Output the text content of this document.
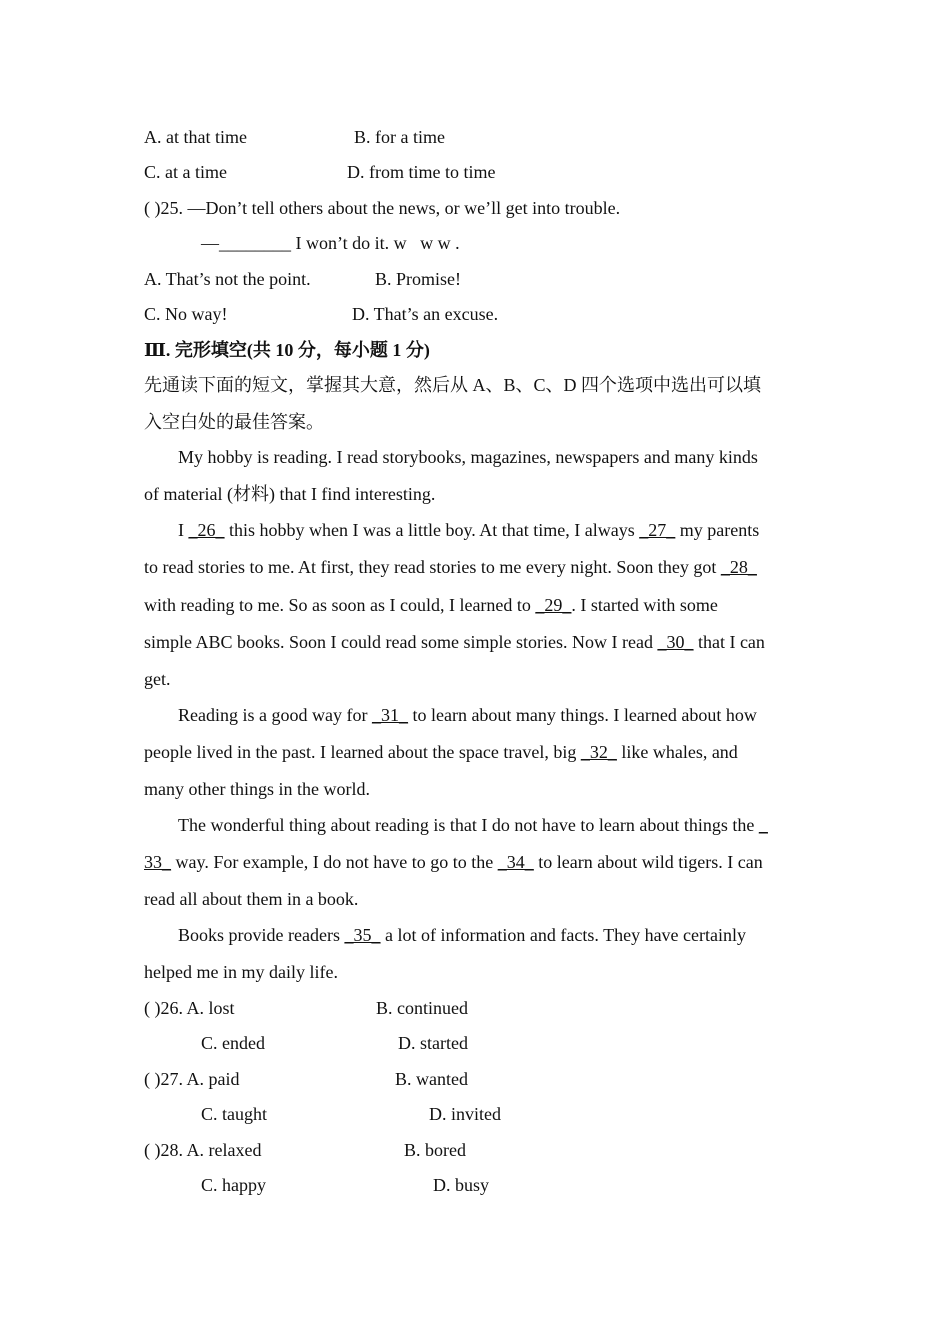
A. at that time	B. for a time
C. at a time	D. from time to time
( )25. —Don’t tell others about the news, or we’ll get into trouble.
—________ I won’t do it. w   w w .
A. That’s not the point.	B. Promise!
C. No way!	D. That’s an excuse.
Ⅲ. 完形填空(共 10 分，每小题 1 分)
先通读下面的短文，掌握其大意，然后从 A、B、C、D 四个选项中选出可以填
入空白处的最佳答案。
My hobby is reading. I read storybooks, magazines, newspapers and many kinds
of material (材料) that I find interesting.
I _26_ this hobby when I was a little boy. At that time, I always _27_ my parents
to read stories to me. At first, they read stories to me every night. Soon they got _28_
with reading to me. So as soon as I could, I learned to _29_. I started with some
simple ABC books. Soon I could read some simple stories. Now I read _30_ that I can
get.
Reading is a good way for _31_ to learn about many things. I learned about how
people lived in the past. I learned about the space travel, big _32_ like whales, and
many other things in the world.
The wonderful thing about reading is that I do not have to learn about things the _
33_ way. For example, I do not have to go to the _34_ to learn about wild tigers. I can
read all about them in a book.
Books provide readers _35_ a lot of information and facts. They have certainly
helped me in my daily life.
( )26. A. lost	B. continued
C. ended	D. started
( )27. A. paid	B. wanted
C. taught	D. invited
( )28. A. relaxed	B. bored
C. happy	D. busy
